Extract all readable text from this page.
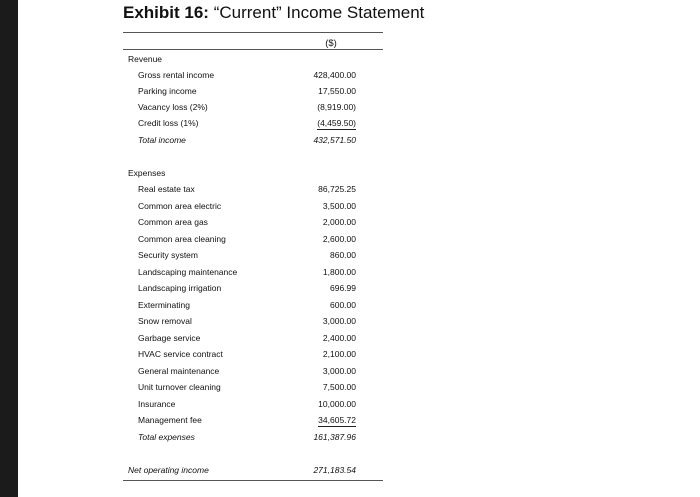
Exhibit 16: “Current” Income Statement
($)
Revenue
Gross rental income	428,400.00
Parking income	17,550.00
Vacancy loss (2%)	(8,919.00)
Credit loss (1%)	(4,459.50)
Total income	432,571.50
Expenses
Real estate tax	86,725.25
Common area electric	3,500.00
Common area gas	2,000.00
Common area cleaning	2,600.00
Security system	860.00
Landscaping maintenance	1,800.00
Landscaping irrigation	696.99
Exterminating	600.00
Snow removal	3,000.00
Garbage service	2,400.00
HVAC service contract	2,100.00
General maintenance	3,000.00
Unit turnover cleaning	7,500.00
Insurance	10,000.00
Management fee	34,605.72
Total expenses	161,387.96
Net operating income	271,183.54
